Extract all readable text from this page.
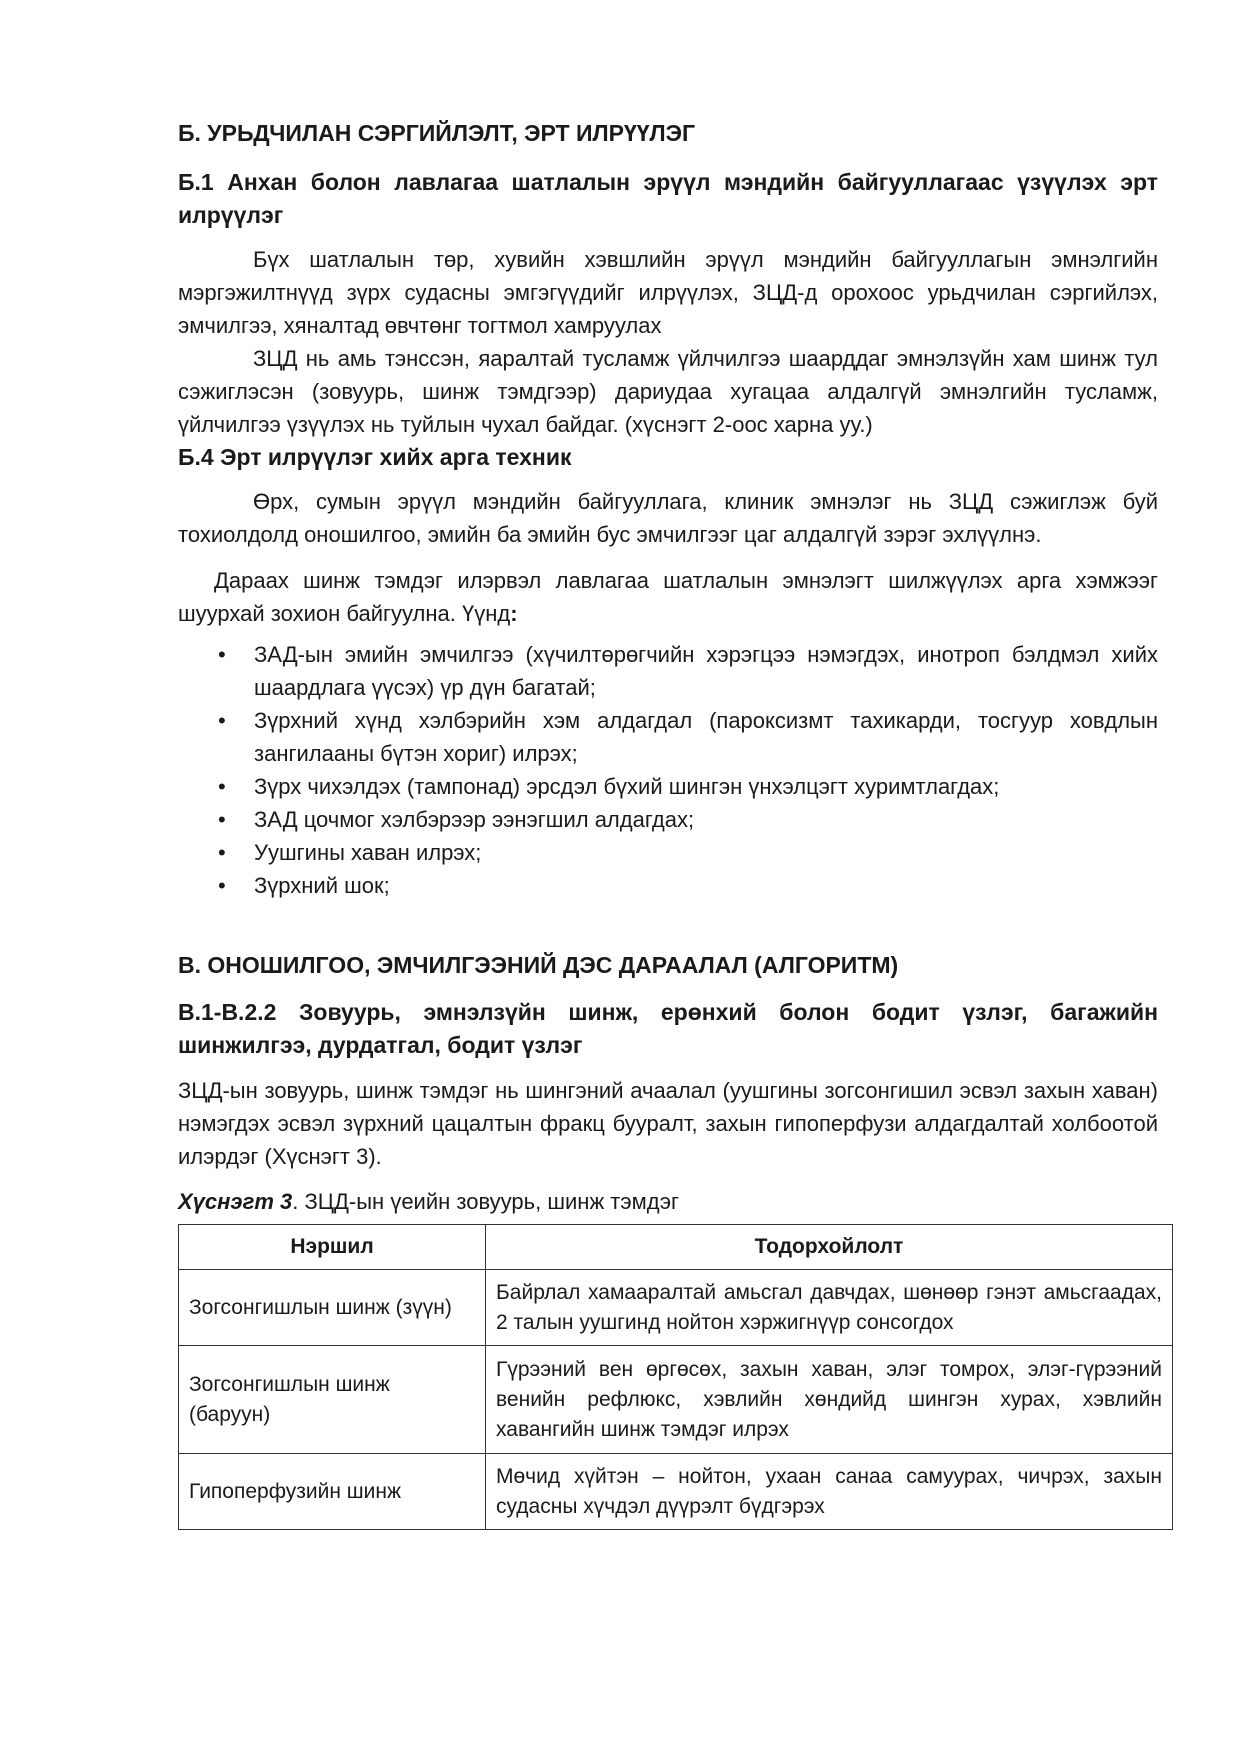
Б. УРЬДЧИЛАН СЭРГИЙЛЭЛТ, ЭРТ ИЛРҮҮЛЭГ
Б.1 Анхан болон лавлагаа шатлалын эрүүл мэндийн байгууллагаас үзүүлэх эрт илрүүлэг

Бүх шатлалын төр, хувийн хэвшлийн эрүүл мэндийн байгууллагын эмнэлгийн мэргэжилтнүүд зүрх судасны эмгэгүүдийг илрүүлэх, ЗЦД-д орохоос урьдчилан сэргийлэх, эмчилгээ, хяналтад өвчтөнг тогтмол хамруулах

ЗЦД нь амь тэнссэн, яаралтай тусламж үйлчилгээ шаарддаг эмнэлзүйн хам шинж тул сэжиглэсэн (зовуурь, шинж тэмдгээр) дариудаа хугацаа алдалгүй эмнэлгийн тусламж, үйлчилгээ үзүүлэх нь туйлын чухал байдаг. (хүснэгт 2-оос харна уу.)

Б.4 Эрт илрүүлэг хийх арга техник

Өрх, сумын эрүүл мэндийн байгууллага, клиник эмнэлэг нь ЗЦД сэжиглэж буй тохиолдолд оношилгоо, эмийн ба эмийн бус эмчилгээг цаг алдалгүй зэрэг эхлүүлнэ.

Дараах шинж тэмдэг илэрвэл лавлагаа шатлалын эмнэлэгт шилжүүлэх арга хэмжээг шуурхай зохион байгуулна. Үүнд:

• ЗАД-ын эмийн эмчилгээ (хүчилтөрөгчийн хэрэгцээ нэмэгдэх, инотроп бэлдмэл хийх шаардлага үүсэх) үр дүн багатай;
• Зүрхний хүнд хэлбэрийн хэм алдагдал (пароксизмт тахикарди, тосгуур ховдлын зангилааны бүтэн хориг) илрэх;
• Зүрх чихэлдэх (тампонад) эрсдэл бүхий шингэн үнхэлцэгт хуримтлагдах;
• ЗАД цочмог хэлбэрээр ээнэгшил алдагдах;
• Уушгины хаван илрэх;
• Зүрхний шок;
В. ОНОШИЛГОО, ЭМЧИЛГЭЭНИЙ ДЭС ДАРААЛАЛ (АЛГОРИТМ)
В.1-В.2.2 Зовуурь, эмнэлзүйн шинж, ерөнхий болон бодит үзлэг, багажийн шинжилгээ, дурдатгал, бодит үзлэг

ЗЦД-ын зовуурь, шинж тэмдэг нь шингэний ачаалал (уушгины зогсонгишил эсвэл захын хаван) нэмэгдэх эсвэл зүрхний цацалтын фракц бууралт, захын гипоперфузи алдагдалтай холбоотой илэрдэг (Хүснэгт 3).

Хүснэгт 3. ЗЦД-ын үеийн зовуурь, шинж тэмдэг
Нэршил	Тодорхойлолт
Зогсонгишлын шинж (зүүн)	Байрлал хамааралтай амьсгал давчдах, шөнөөр гэнэт амьсгаадах, 2 талын уушгинд нойтон хэржигнүүр сонсогдох
Зогсонгишлын шинж (баруун)	Гүрээний вен өргөсөх, захын хаван, элэг томрох, элэг-гүрээний венийн рефлюкс, хэвлийн хөндийд шингэн хурах, хэвлийн хавангийн шинж тэмдэг илрэх
Гипоперфузийн шинж	Мөчид хүйтэн – нойтон, ухаан санаа самуурах, чичрэх, захын судасны хүчдэл дүүрэлт бүдгэрэх
